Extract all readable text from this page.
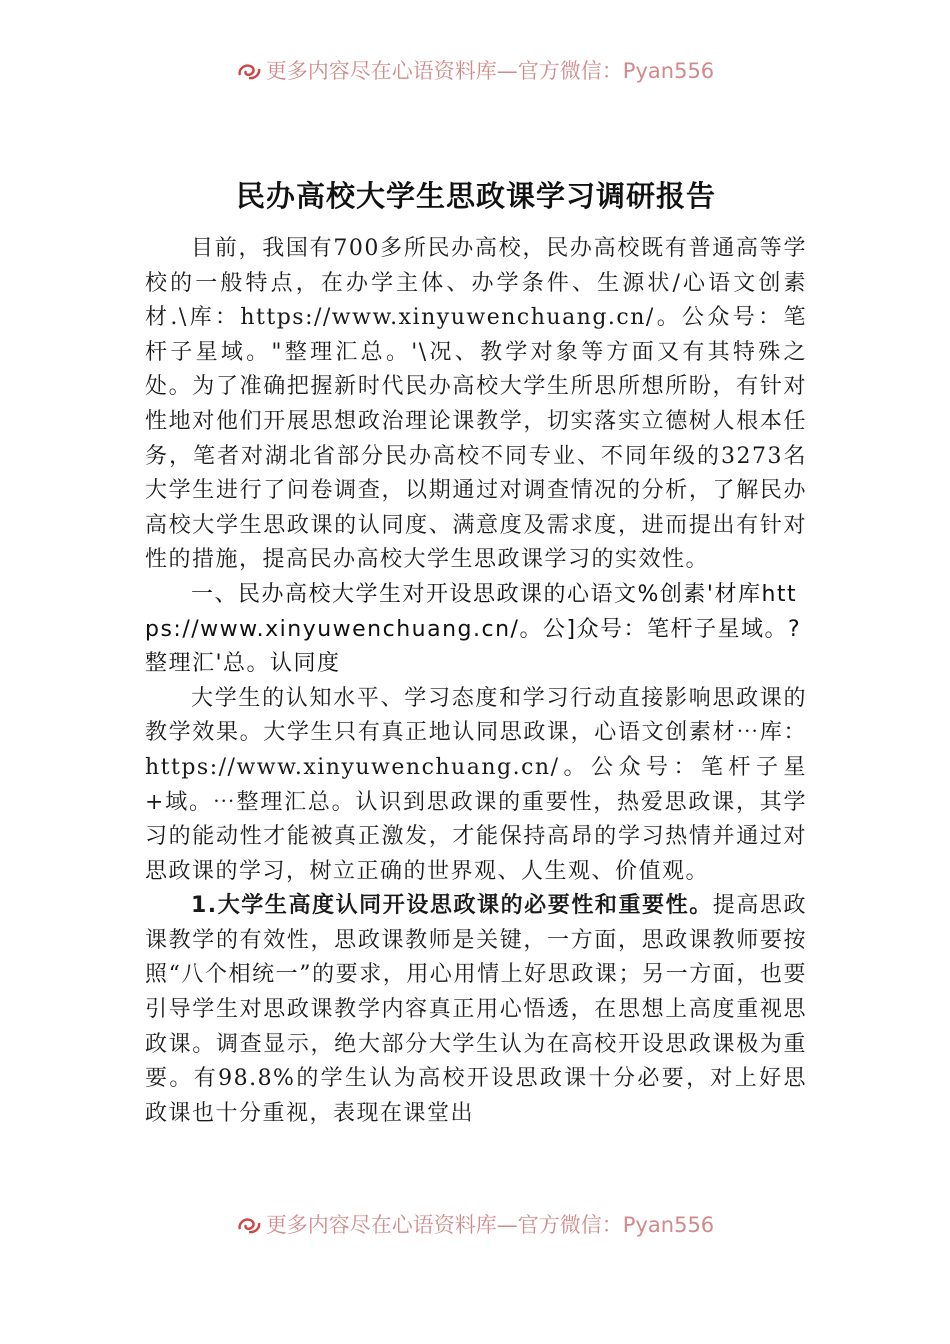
更多内容尽在心语资料库—官方微信：Pyan556
民办高校大学生思政课学习调研报告

目前，我国有700多所民办高校，民办高校既有普通高等学校的一般特点，在办学主体、办学条件、生源状/心语文创素材.\库：https://www.xinyuwenchuang.cn/。公众号：笔杆子星域。"整理汇总。'\况、教学对象等方面又有其特殊之处。为了准确把握新时代民办高校大学生所思所想所盼，有针对性地对他们开展思想政治理论课教学，切实落实立德树人根本任务，笔者对湖北省部分民办高校不同专业、不同年级的3273名大学生进行了问卷调查，以期通过对调查情况的分析，了解民办高校大学生思政课的认同度、满意度及需求度，进而提出有针对性的措施，提高民办高校大学生思政课学习的实效性。

一、民办高校大学生对开设思政课的心语文%创素'材库https://www.xinyuwenchuang.cn/。公]众号：笔杆子星域。?整理汇'总。认同度

大学生的认知水平、学习态度和学习行动直接影响思政课的教学效果。大学生只有真正地认同思政课，心语文创素材⋯库：https://www.xinyuwenchuang.cn/。公众号：笔杆子星+域。⋯整理汇总。认识到思政课的重要性，热爱思政课，其学习的能动性才能被真正激发，才能保持高昂的学习热情并通过对思政课的学习，树立正确的世界观、人生观、价值观。

1.大学生高度认同开设思政课的必要性和重要性。提高思政课教学的有效性，思政课教师是关键，一方面，思政课教师要按照“八个相统一”的要求，用心用情上好思政课；另一方面，也要引导学生对思政课教学内容真正用心悟透，在思想上高度重视思政课。调查显示，绝大部分大学生认为在高校开设思政课极为重要。有98.8%的学生认为高校开设思政课十分必要，对上好思政课也十分重视，表现在课堂出

更多内容尽在心语资料库—官方微信：Pyan556
